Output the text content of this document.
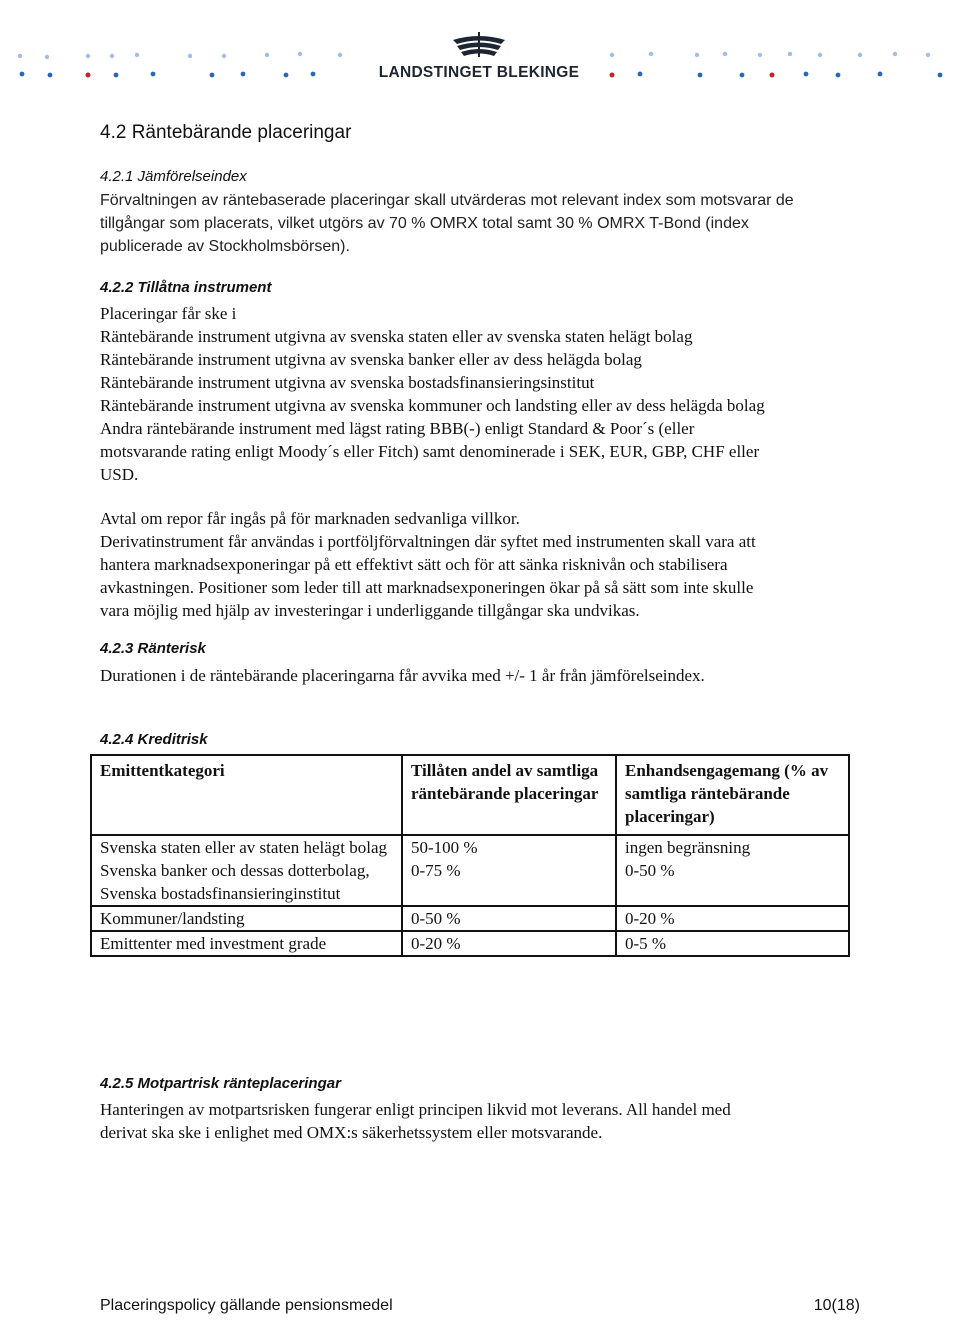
LANDSTINGET BLEKINGE
4.2 Räntebärande placeringar
4.2.1 Jämförelseindex
Förvaltningen av räntebaserade placeringar skall utvärderas mot relevant index som motsvarar de
tillgångar som placerats, vilket utgörs av 70 % OMRX total samt 30 % OMRX T-Bond (index
publicerade av Stockholmsbörsen).
4.2.2 Tillåtna instrument
Placeringar får ske i
Räntebärande instrument utgivna av svenska staten eller av svenska staten helägt bolag
Räntebärande instrument utgivna av svenska banker eller av dess helägda bolag
Räntebärande instrument utgivna av svenska bostadsfinansieringsinstitut
Räntebärande instrument utgivna av svenska kommuner och landsting eller av dess helägda bolag
Andra räntebärande instrument med lägst rating BBB(-) enligt Standard & Poor´s (eller
motsvarande rating enligt Moody´s eller Fitch) samt denominerade i SEK, EUR, GBP, CHF eller
USD.
Avtal om repor får ingås på för marknaden sedvanliga villkor.
Derivatinstrument får användas i portföljförvaltningen där syftet med instrumenten skall vara att
hantera marknadsexponeringar på ett effektivt sätt och för att sänka risknivån och stabilisera
avkastningen. Positioner som leder till att marknadsexponeringen ökar på så sätt som inte skulle
vara möjlig med hjälp av investeringar i underliggande tillgångar ska undvikas.
4.2.3 Ränterisk
Durationen i de räntebärande placeringarna får avvika med +/- 1 år från jämförelseindex.
4.2.4 Kreditrisk
Emittentkategori	Tillåten andel av samtliga räntebärande placeringar	Enhandsengagemang (% av samtliga räntebärande placeringar)
Svenska staten eller av staten helägt bolag	50-100 %	ingen begränsning
Svenska banker och dessas dotterbolag, Svenska bostadsfinansieringinstitut	0-75 %	0-50 %
Kommuner/landsting	0-50 %	0-20 %
Emittenter med investment grade	0-20 %	0-5 %
4.2.5 Motpartrisk ränteplaceringar
Hanteringen av motpartsrisken fungerar enligt principen likvid mot leverans. All handel med
derivat ska ske i enlighet med OMX:s säkerhetssystem eller motsvarande.
Placeringspolicy gällande pensionsmedel	10(18)
